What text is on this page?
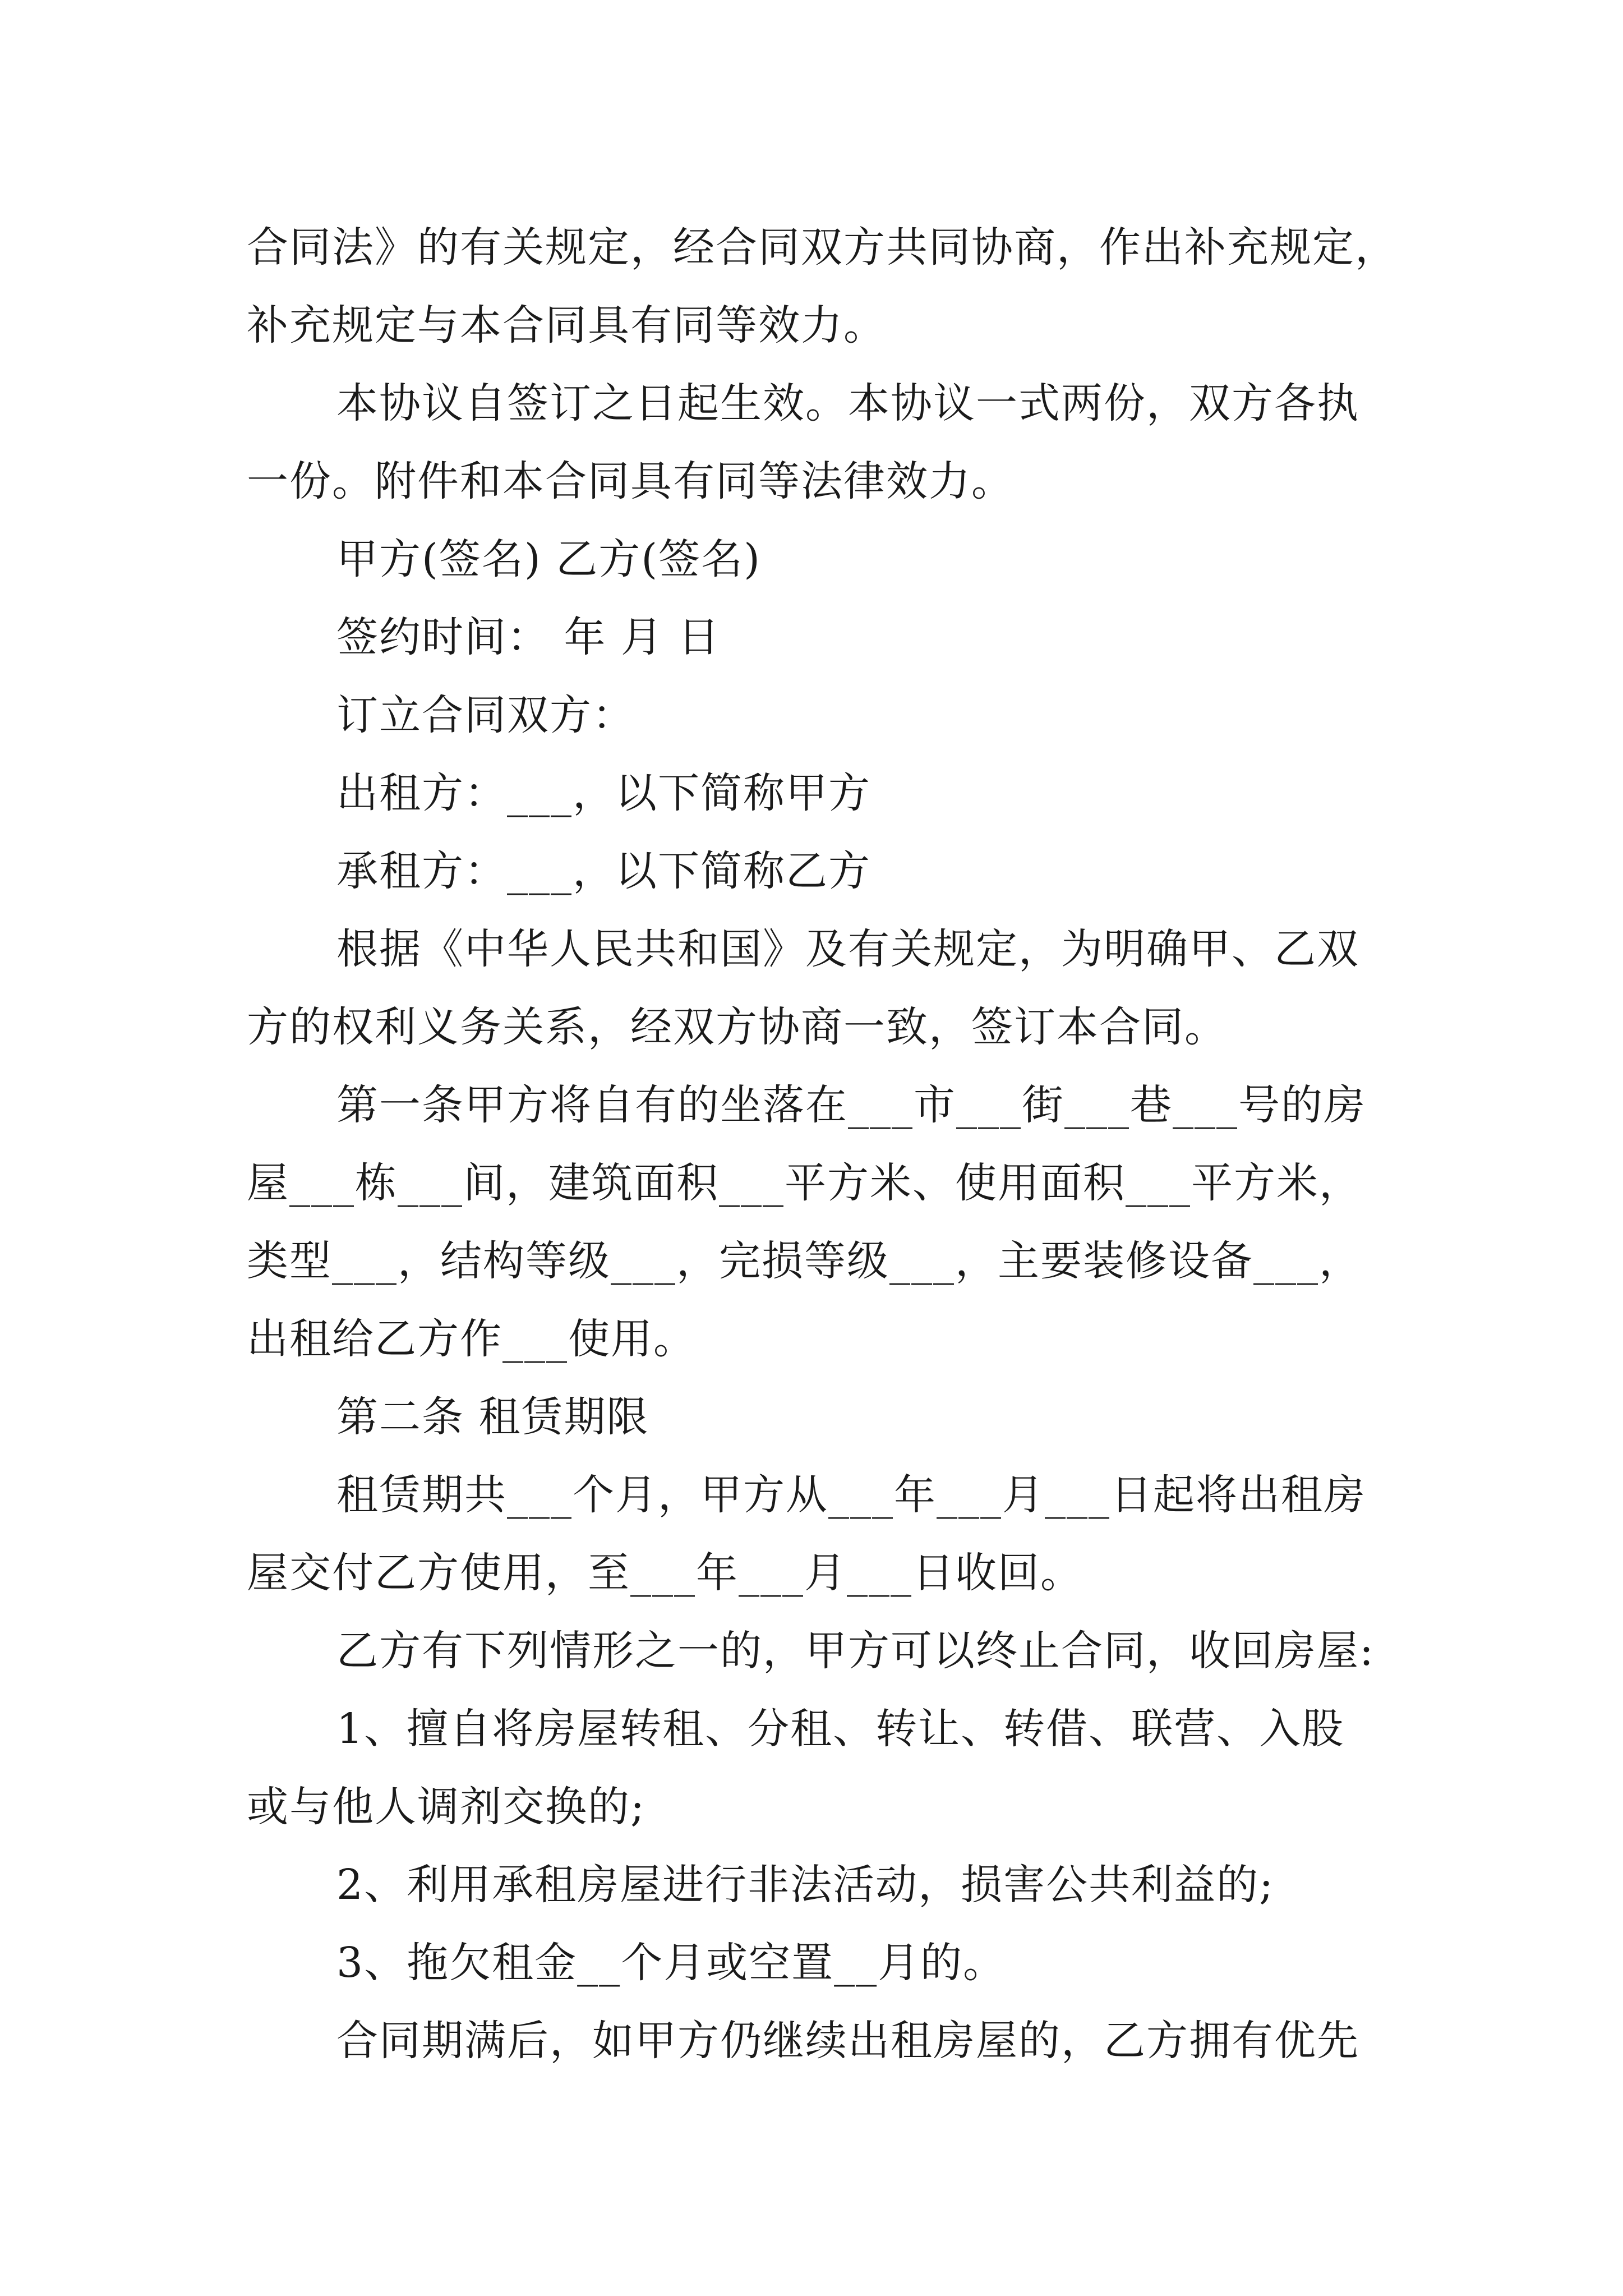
合同法》的有关规定，经合同双方共同协商，作出补充规定，

补充规定与本合同具有同等效力。

本协议自签订之日起生效。本协议一式两份，双方各执

一份。附件和本合同具有同等法律效力。

甲方(签名) 乙方(签名)

签约时间： 年 月 日

订立合同双方：

出租方：___，以下简称甲方

承租方：___，以下简称乙方

根据《中华人民共和国》及有关规定，为明确甲、乙双

方的权利义务关系，经双方协商一致，签订本合同。

第一条甲方将自有的坐落在___市___街___巷___号的房

屋___栋___间，建筑面积___平方米、使用面积___平方米，

类型___，结构等级___，完损等级___，主要装修设备___，

出租给乙方作___使用。

第二条 租赁期限

租赁期共___个月，甲方从___年___月___日起将出租房

屋交付乙方使用，至___年___月___日收回。

乙方有下列情形之一的，甲方可以终止合同，收回房屋:

1、擅自将房屋转租、分租、转让、转借、联营、入股

或与他人调剂交换的;

2、利用承租房屋进行非法活动，损害公共利益的;

3、拖欠租金__个月或空置__月的。

合同期满后，如甲方仍继续出租房屋的，乙方拥有优先
